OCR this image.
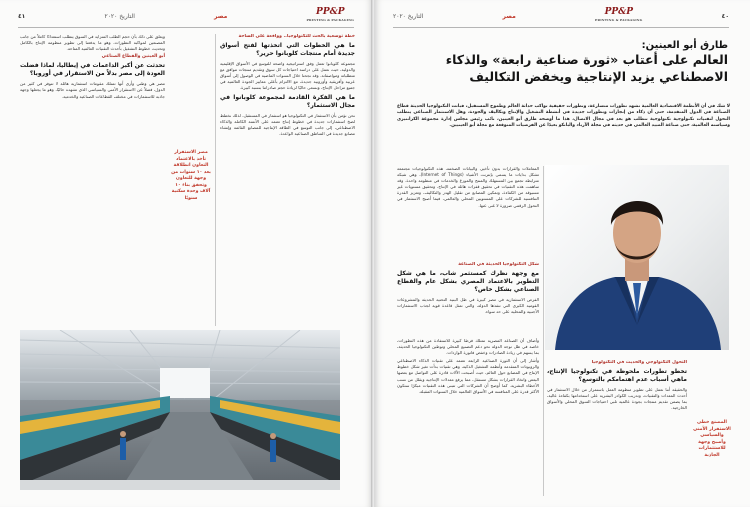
٤١	التاريخ ٢٠٢٠	مصر	PP&P
PRINTING & PACKAGING
خطة توسعية بالحث للتكنولوجيا.. وواقعة على الساحة
ما هي الخطوات التي اتخذتها لفتح أسواق جديدة أمام منتجات كلوبانوا حرير؟

مجموعة كلوبانوا تعمل وفق استراتيجية واضحة للتوسع في الأسواق الإقليمية والدولية، حيث نعمل على دراسة احتياجات كل سوق وتقديم منتجات تتوافق مع متطلباته ومواصفاته. وقد نجحنا خلال السنوات الماضية في الوصول إلى أسواق عربية وأفريقية وأوروبية جديدة، مع الالتزام بأعلى معايير الجودة العالمية في جميع مراحل الإنتاج، ونسعى حاليًا لزيادة حجم صادراتنا بنسبة كبيرة.

ما هي الفكرة القادمة لمجموعة كلوبانوا في مجال الاستثمار؟

نحن نؤمن بأن الاستثمار في التكنولوجيا هو استثمار في المستقبل، لذلك نخطط لضخ استثمارات جديدة في خطوط إنتاج تعتمد على الأتمتة الكاملة والذكاء الاصطناعي، إلى جانب التوسع في الطاقة الإنتاجية للمصانع القائمة وإنشاء مصانع جديدة في المناطق الصناعية الواعدة.

مصر الاستقرار تأخذ بالاعتماد التعاون انطلاقة بعد ١٠ سنوات من وجهة للتعاون وتحقق بناء ١٠ آلاف وحدة سكنية سنويًا

ويعلق على ذلك بأن حجم الطلب المتزايد في السوق يتطلب استعدادًا كاملاً من جانب المصنعين لمواكبة التطورات، وهو ما يدفعنا إلى تطوير منظومة الإنتاج بالكامل وتحديث خطوط التشغيل بأحدث التقنيات العالمية المتاحة.

أبو العينين والقطاع الصناعي
تحدثت عن أكبر الداعمات في إيطاليا، لماذا فضلت العودة إلى مصر بدلاً من الاستقرار في أوروبا؟

مصر هي وطني وأرى أنها تمتلك مقومات استثمارية هائلة لا تتوفر في كثير من الدول، فضلاً عن الاستقرار الأمني والسياسي الذي تشهده حاليًا، وهو ما يجعلها وجهة جاذبة للاستثمارات في مختلف القطاعات الصناعية والخدمية.

التاريخ ٢٠٢٠	مصر	PP&P
PRINTING & PACKAGING
٤٠
طارق أبو العينين:
العالم على أعتاب «ثورة صناعية رابعة» والذكاء
الاصطناعي يزيد الإنتاجية ويخفض التكاليف
لا شك في أن الأنظمة الاقتصادية العالمية تشهد تطورات متسارعة، وتطورات حقيقية تواكب حداثة العالم وطموح المستقبل، فباتت التكنولوجيا الحديثة قطاع الصناعة في الدول المتقدمة، حتى أن ذكاء من إنجازات وتطورات جديدة في أنشطة التشغيل والإنتاج وتكاليف والجودة، وهل الاستثمار الصناعي يتطلب التحول لتقنيات تكنولوجية تكنولوجية تتطلب هو بعد في مجال الاتصال، هذا ما أوضحه طارق أبو العينين، نائب رئيس مجلس إدارة مجموعة الكرانتيرى وسياسته العالمية، حتى صناعة المبيد العالمي في حديثه في مجلة الآرباد والبانكو بعيدًا عن الفرضيات المتوقعة مع مجلة أبو العينيين.

المعاملات والقرارات بدون تأخير، والبيانات الضخمة، هذه التكنولوجيات مجتمعة تشكل بدايات ما يسمى بإنترنت الأشياء (Internet of Things)، وهي شبكة مترابطة تجمع بين المستهلك والمنتج والموزع والخدمات في منظومة واحدة. وقد ساهمت هذه التقنيات في تحقيق قفزات هائلة في الإنتاج، وتحقيق مستويات غير مسبوقة من الكفاءة، وتمكين المصانع من تقليل الهدر والتكاليف، وتعزيز القدرة التنافسية للشركات على المستويين المحلي والعالمي، فيما أصبح الاستثمار في التحول الرقمي ضرورة لا غنى عنها.

شكل التكنولوجيا الحديثة في الصناعة
مع وجهة نظرك كمستثمر شاب، ما هي شكل التطوير بالاعتماد المصري بشكل عام والقطاع الصناعي بشكل خاص؟

الفرص الاستثمارية في مصر كبيرة في ظل البنية التحتية الحديثة والمشروعات القومية الكبرى التي تنفذها الدولة، والتي تمثل قاعدة قوية لجذب الاستثمارات الأجنبية والمحلية على حد سواء.

وأضاف أن الصناعة المصرية تمتلك فرصًا كبيرة للاستفادة من هذه التطورات، خاصة في ظل توجه الدولة نحو دعم التصنيع المحلي وتوطين التكنولوجيا الحديثة، بما يسهم في زيادة الصادرات وخفض فاتورة الواردات.

وأشار إلى أن الثورة الصناعية الرابعة تعتمد على تقنيات الذكاء الاصطناعي والروبوتات المتقدمة وأنظمة التشغيل الذكية، وهي تقنيات بدأت تغير شكل خطوط الإنتاج في المصانع حول العالم، حيث أصبحت الآلات قادرة على التواصل مع بعضها البعض واتخاذ القرارات بشكل مستقل، مما يرفع معدلات الإنتاجية ويقلل من نسب الأخطاء البشرية. كما أوضح أن الشركات التي تتبنى هذه التقنيات مبكرًا ستكون الأكثر قدرة على المنافسة في الأسواق العالمية خلال السنوات المقبلة.

التحول التكنولوجي والحديث في التكنولوجيا
تخطو تطورات ملحوظة في تكنولوجيا الإنتاج، ماهي أسباب عدم اهتمامكم بالتوسع؟

والحقيقة أننا نعمل على تطوير منظومة العمل باستمرار من خلال الاستثمار في أحدث المعدات والتقنيات، وتدريب الكوادر البشرية على استخدامها بكفاءة عالية، بما يضمن تقديم منتجات بجودة عالمية تلبي احتياجات السوق المحلي والأسواق الخارجية.

المصنع خطى الاستقرار الأمني والسياسي وأصبح وجهة للاستثمارات الجاذبة
